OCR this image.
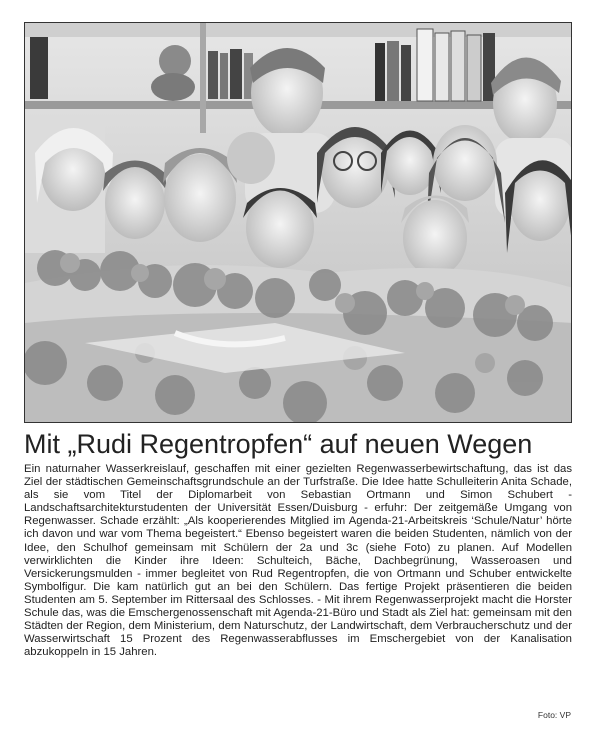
Mit „Rudi Regentropfen“ auf neuen Wegen

Ein naturnaher Wasserkreislauf, geschaffen mit einer gezielten Regenwasserbewirtschaftung, das ist das Ziel der städtischen Gemeinschaftsgrundschule an der Turfstraße. Die Idee hatte Schulleiterin Anita Schade, als sie vom Titel der Diplomarbeit von Sebastian Ortmann und Simon Schubert - Landschaftsarchitekturstudenten der Universität Essen/Duisburg - erfuhr: Der zeitgemäße Umgang von Regenwasser. Schade erzählt: „Als kooperierendes Mitglied im Agenda-21-Arbeitskreis ‘Schule/Natur’ hörte ich davon und war vom Thema begeistert.“ Ebenso begeistert waren die beiden Studenten, nämlich von der Idee, den Schulhof gemeinsam mit Schülern der 2a und 3c (siehe Foto) zu planen. Auf Modellen verwirklichten die Kinder ihre Ideen: Schulteich, Bäche, Dachbegrünung, Wasseroasen und Versickerungsmulden - immer begleitet von Rud Regentropfen, die von Ortmann und Schuber entwickelte Symbolfigur. Die kam natürlich gut an bei den Schülern. Das fertige Projekt präsentieren die beiden Studenten am 5. September im Rittersaal des Schlosses. - Mit ihrem Regenwasserprojekt macht die Horster Schule das, was die Emschergenossenschaft mit Agenda-21-Büro und Stadt als Ziel hat: gemeinsam mit den Städten der Region, dem Ministerium, dem Naturschutz, der Landwirtschaft, dem Verbraucherschutz und der Wasserwirtschaft 15 Prozent des Regenwasserabflusses im Emschergebiet von der Kanalisation abzukoppeln in 15 Jahren.

Foto: VP
